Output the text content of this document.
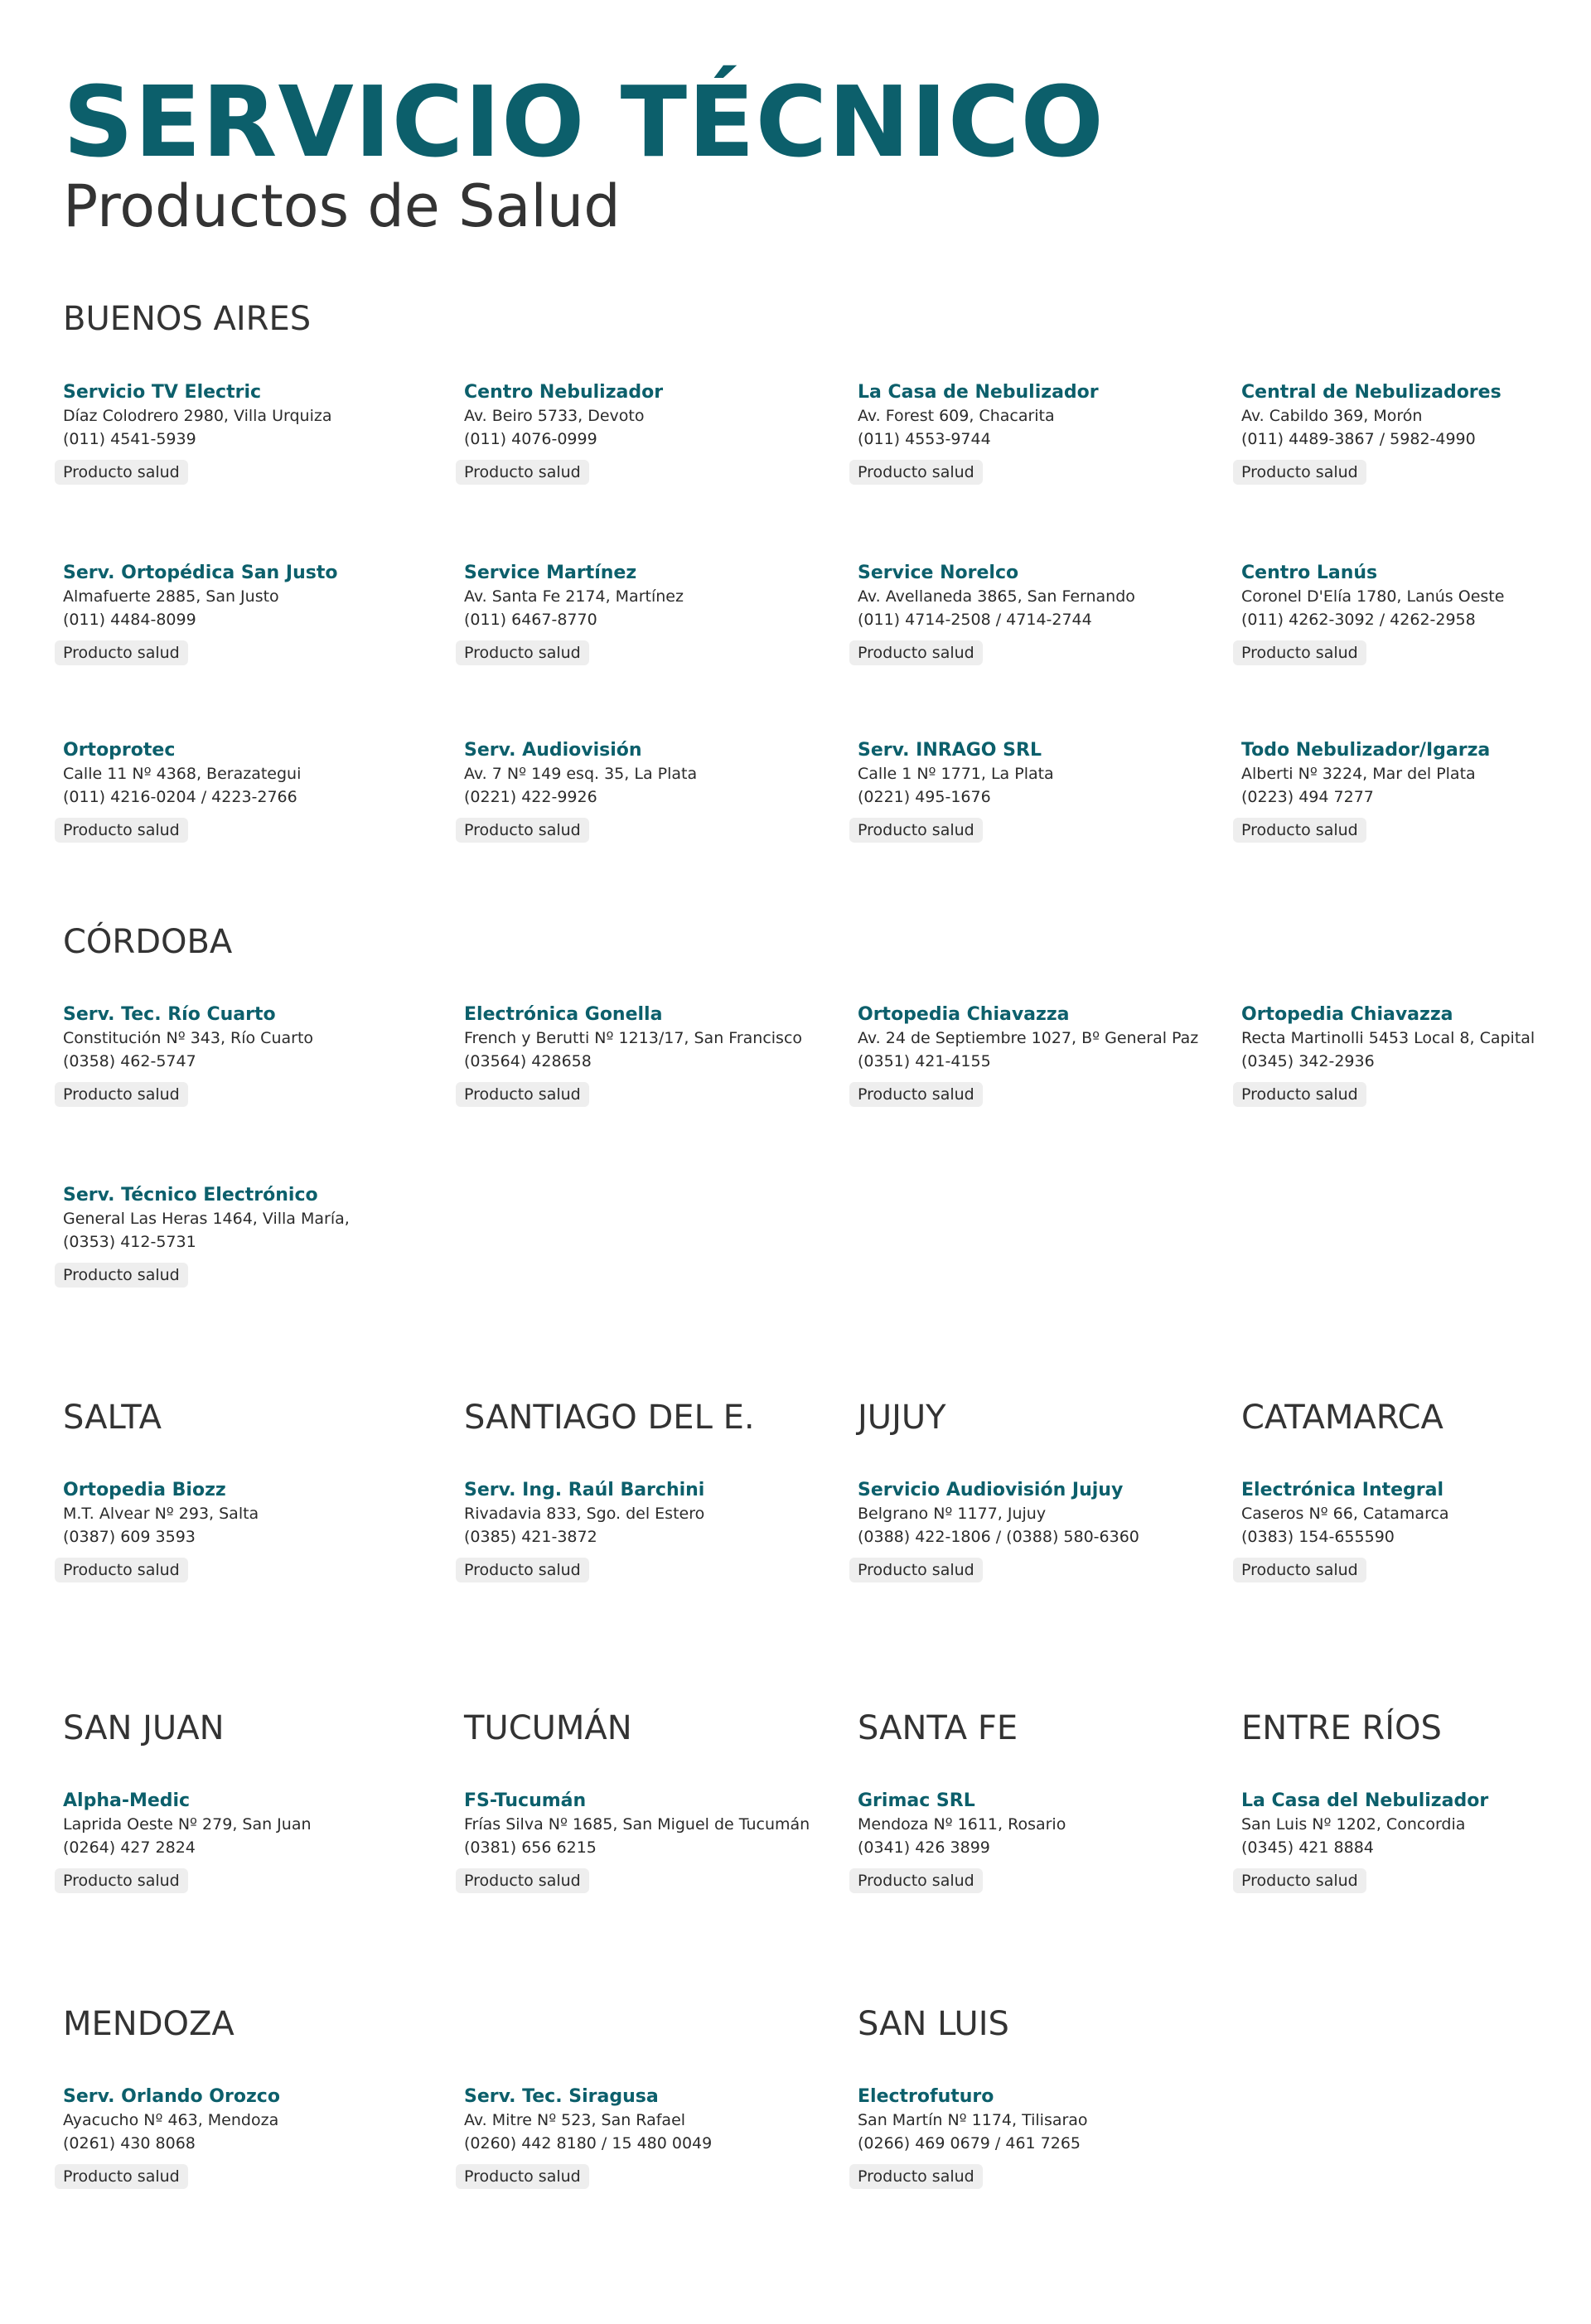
SERVICIO TÉCNICO
Productos de Salud
BUENOS AIRES
Servicio TV Electric
Díaz Colodrero 2980, Villa Urquiza
(011) 4541-5939
Producto salud
Centro Nebulizador
Av. Beiro 5733, Devoto
(011) 4076-0999
Producto salud
La Casa de Nebulizador
Av. Forest 609, Chacarita
(011) 4553-9744
Producto salud
Central de Nebulizadores
Av. Cabildo 369, Morón
(011) 4489-3867 / 5982-4990
Producto salud
Serv. Ortopédica San Justo
Almafuerte 2885, San Justo
(011) 4484-8099
Producto salud
Service Martínez
Av. Santa Fe 2174, Martínez
(011) 6467-8770
Producto salud
Service Norelco
Av. Avellaneda 3865, San Fernando
(011) 4714-2508 / 4714-2744
Producto salud
Centro Lanús
Coronel D'Elía 1780, Lanús Oeste
(011) 4262-3092 / 4262-2958
Producto salud
Ortoprotec
Calle 11 Nº 4368, Berazategui
(011) 4216-0204 / 4223-2766
Producto salud
Serv. Audiovisión
Av. 7 Nº 149 esq. 35, La Plata
(0221) 422-9926
Producto salud
Serv. INRAGO SRL
Calle 1 Nº 1771, La Plata
(0221) 495-1676
Producto salud
Todo Nebulizador/Igarza
Alberti Nº 3224, Mar del Plata
(0223) 494 7277
Producto salud
CÓRDOBA
Serv. Tec. Río Cuarto
Constitución Nº 343, Río Cuarto
(0358) 462-5747
Producto salud
Electrónica Gonella
French y Berutti Nº 1213/17, San Francisco
(03564) 428658
Producto salud
Ortopedia Chiavazza
Av. 24 de Septiembre 1027, Bº General Paz
(0351) 421-4155
Producto salud
Ortopedia Chiavazza
Recta Martinolli 5453 Local 8, Capital
(0345) 342-2936
Producto salud
Serv. Técnico Electrónico
General Las Heras 1464, Villa María,
(0353) 412-5731
Producto salud
SALTA
Ortopedia Biozz
M.T. Alvear Nº 293, Salta
(0387) 609 3593
Producto salud
SANTIAGO DEL E.
Serv. Ing. Raúl Barchini
Rivadavia 833, Sgo. del Estero
(0385) 421-3872
Producto salud
JUJUY
Servicio Audiovisión Jujuy
Belgrano Nº 1177, Jujuy
(0388) 422-1806 / (0388) 580-6360
Producto salud
CATAMARCA
Electrónica Integral
Caseros Nº 66, Catamarca
(0383) 154-655590
Producto salud
SAN JUAN
Alpha-Medic
Laprida Oeste Nº 279, San Juan
(0264) 427 2824
Producto salud
TUCUMÁN
FS-Tucumán
Frías Silva Nº 1685, San Miguel de Tucumán
(0381) 656 6215
Producto salud
SANTA FE
Grimac SRL
Mendoza Nº 1611, Rosario
(0341) 426 3899
Producto salud
ENTRE RÍOS
La Casa del Nebulizador
San Luis Nº 1202, Concordia
(0345) 421 8884
Producto salud
MENDOZA
Serv. Orlando Orozco
Ayacucho Nº 463, Mendoza
(0261) 430 8068
Producto salud
Serv. Tec. Siragusa
Av. Mitre Nº 523, San Rafael
(0260) 442 8180 / 15 480 0049
Producto salud
SAN LUIS
Electrofuturo
San Martín Nº 1174, Tilisarao
(0266) 469 0679 / 461 7265
Producto salud
